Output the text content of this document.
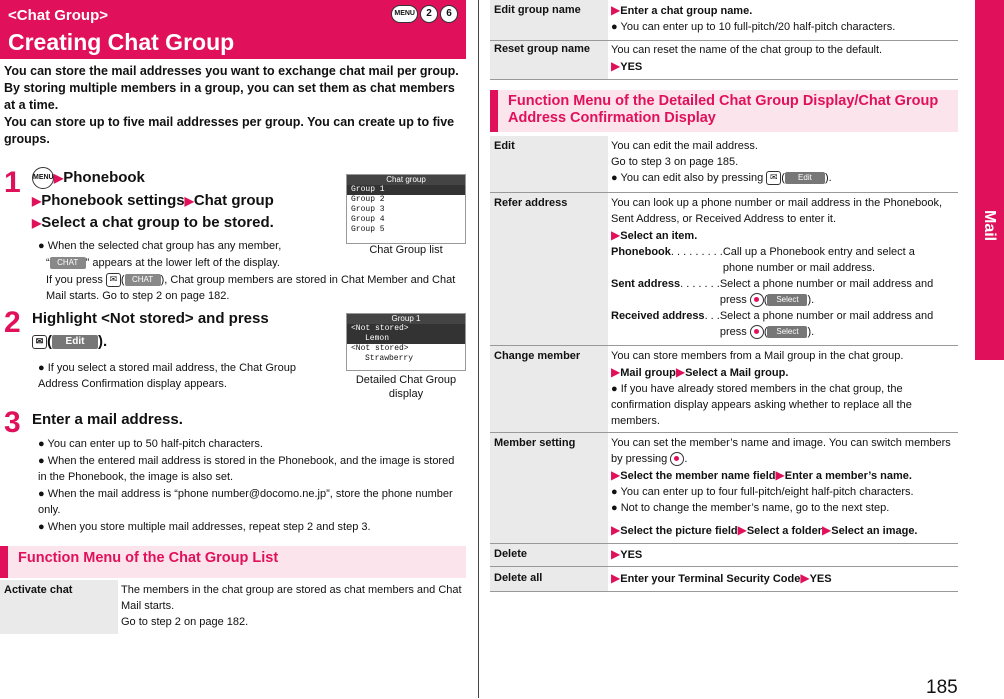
<Chat Group>
Creating Chat Group
MENU	2	6

You can store the mail addresses you want to exchange chat mail per group.

By storing multiple members in a group, you can set them as chat members at a time.

You can store up to five mail addresses per group. You can create up to five groups.

1 MENU▶Phonebook
▶Phonebook settings▶Chat group
▶Select a chat group to be stored.

● When the selected chat group has any member,

“ CHAT ” appears at the lower left of the display.

If you press ✉ ( CHAT ), Chat group members are stored in Chat Member and Chat Mail starts. Go to step 2 on page 182.

Chat group
Group 1
Group 2
Group 3
Group 4
Group 5
Chat Group list
2 Highlight <Not stored> and press
✉ ( Edit ).

● If you select a stored mail address, the Chat Group Address Confirmation display appears.

Group 1
<Not stored>
Lemon
<Not stored>
Strawberry
Detailed Chat Group display
3 Enter a mail address.

● You can enter up to 50 half-pitch characters.

● When the entered mail address is stored in the Phonebook, and the image is stored in the Phonebook, the image is also set.

● When the mail address is “phone number@docomo.ne.jp”, store the phone number only.

● When you store multiple mail addresses, repeat step 2 and step 3.

Function Menu of the Chat Group List
Activate chat	The members in the chat group are stored as chat members and Chat Mail starts.

Go to step 2 on page 182.

Edit group name	▶Enter a chat group name.

● You can enter up to 10 full-pitch/20 half-pitch characters.

Reset group name You can reset the name of the chat group to the default.

▶YES

Function Menu of the Detailed Chat Group Display/Chat Group Address Confirmation Display
Edit	You can edit the mail address.

Go to step 3 on page 185.

● You can edit also by pressing ✉ ( Edit ).

Refer address	You can look up a phone number or mail address in the Phonebook, Sent Address, or Received Address to enter it.

▶Select an item.

Phonebook . . . . . . . . . Call up a Phonebook entry and select a phone number or mail address.
Sent address . . . . . . . Select a phone number or mail address and press ( Select ).
Received address . . . Select a phone number or mail address and press ( Select ).
Change member	You can store members from a Mail group in the chat group.

▶Mail group▶Select a Mail group.

● If you have already stored members in the chat group, the confirmation display appears asking whether to replace all the members.

Member setting	You can set the member’s name and image. You can switch members by pressing .

▶Select the member name field▶Enter a member’s name.

● You can enter up to four full-pitch/eight half-pitch characters.

● Not to change the member’s name, go to the next step.

▶Select the picture field▶Select a folder▶Select an image.

Delete	▶YES
Delete all	▶Enter your Terminal Security Code▶YES
Mail
185
